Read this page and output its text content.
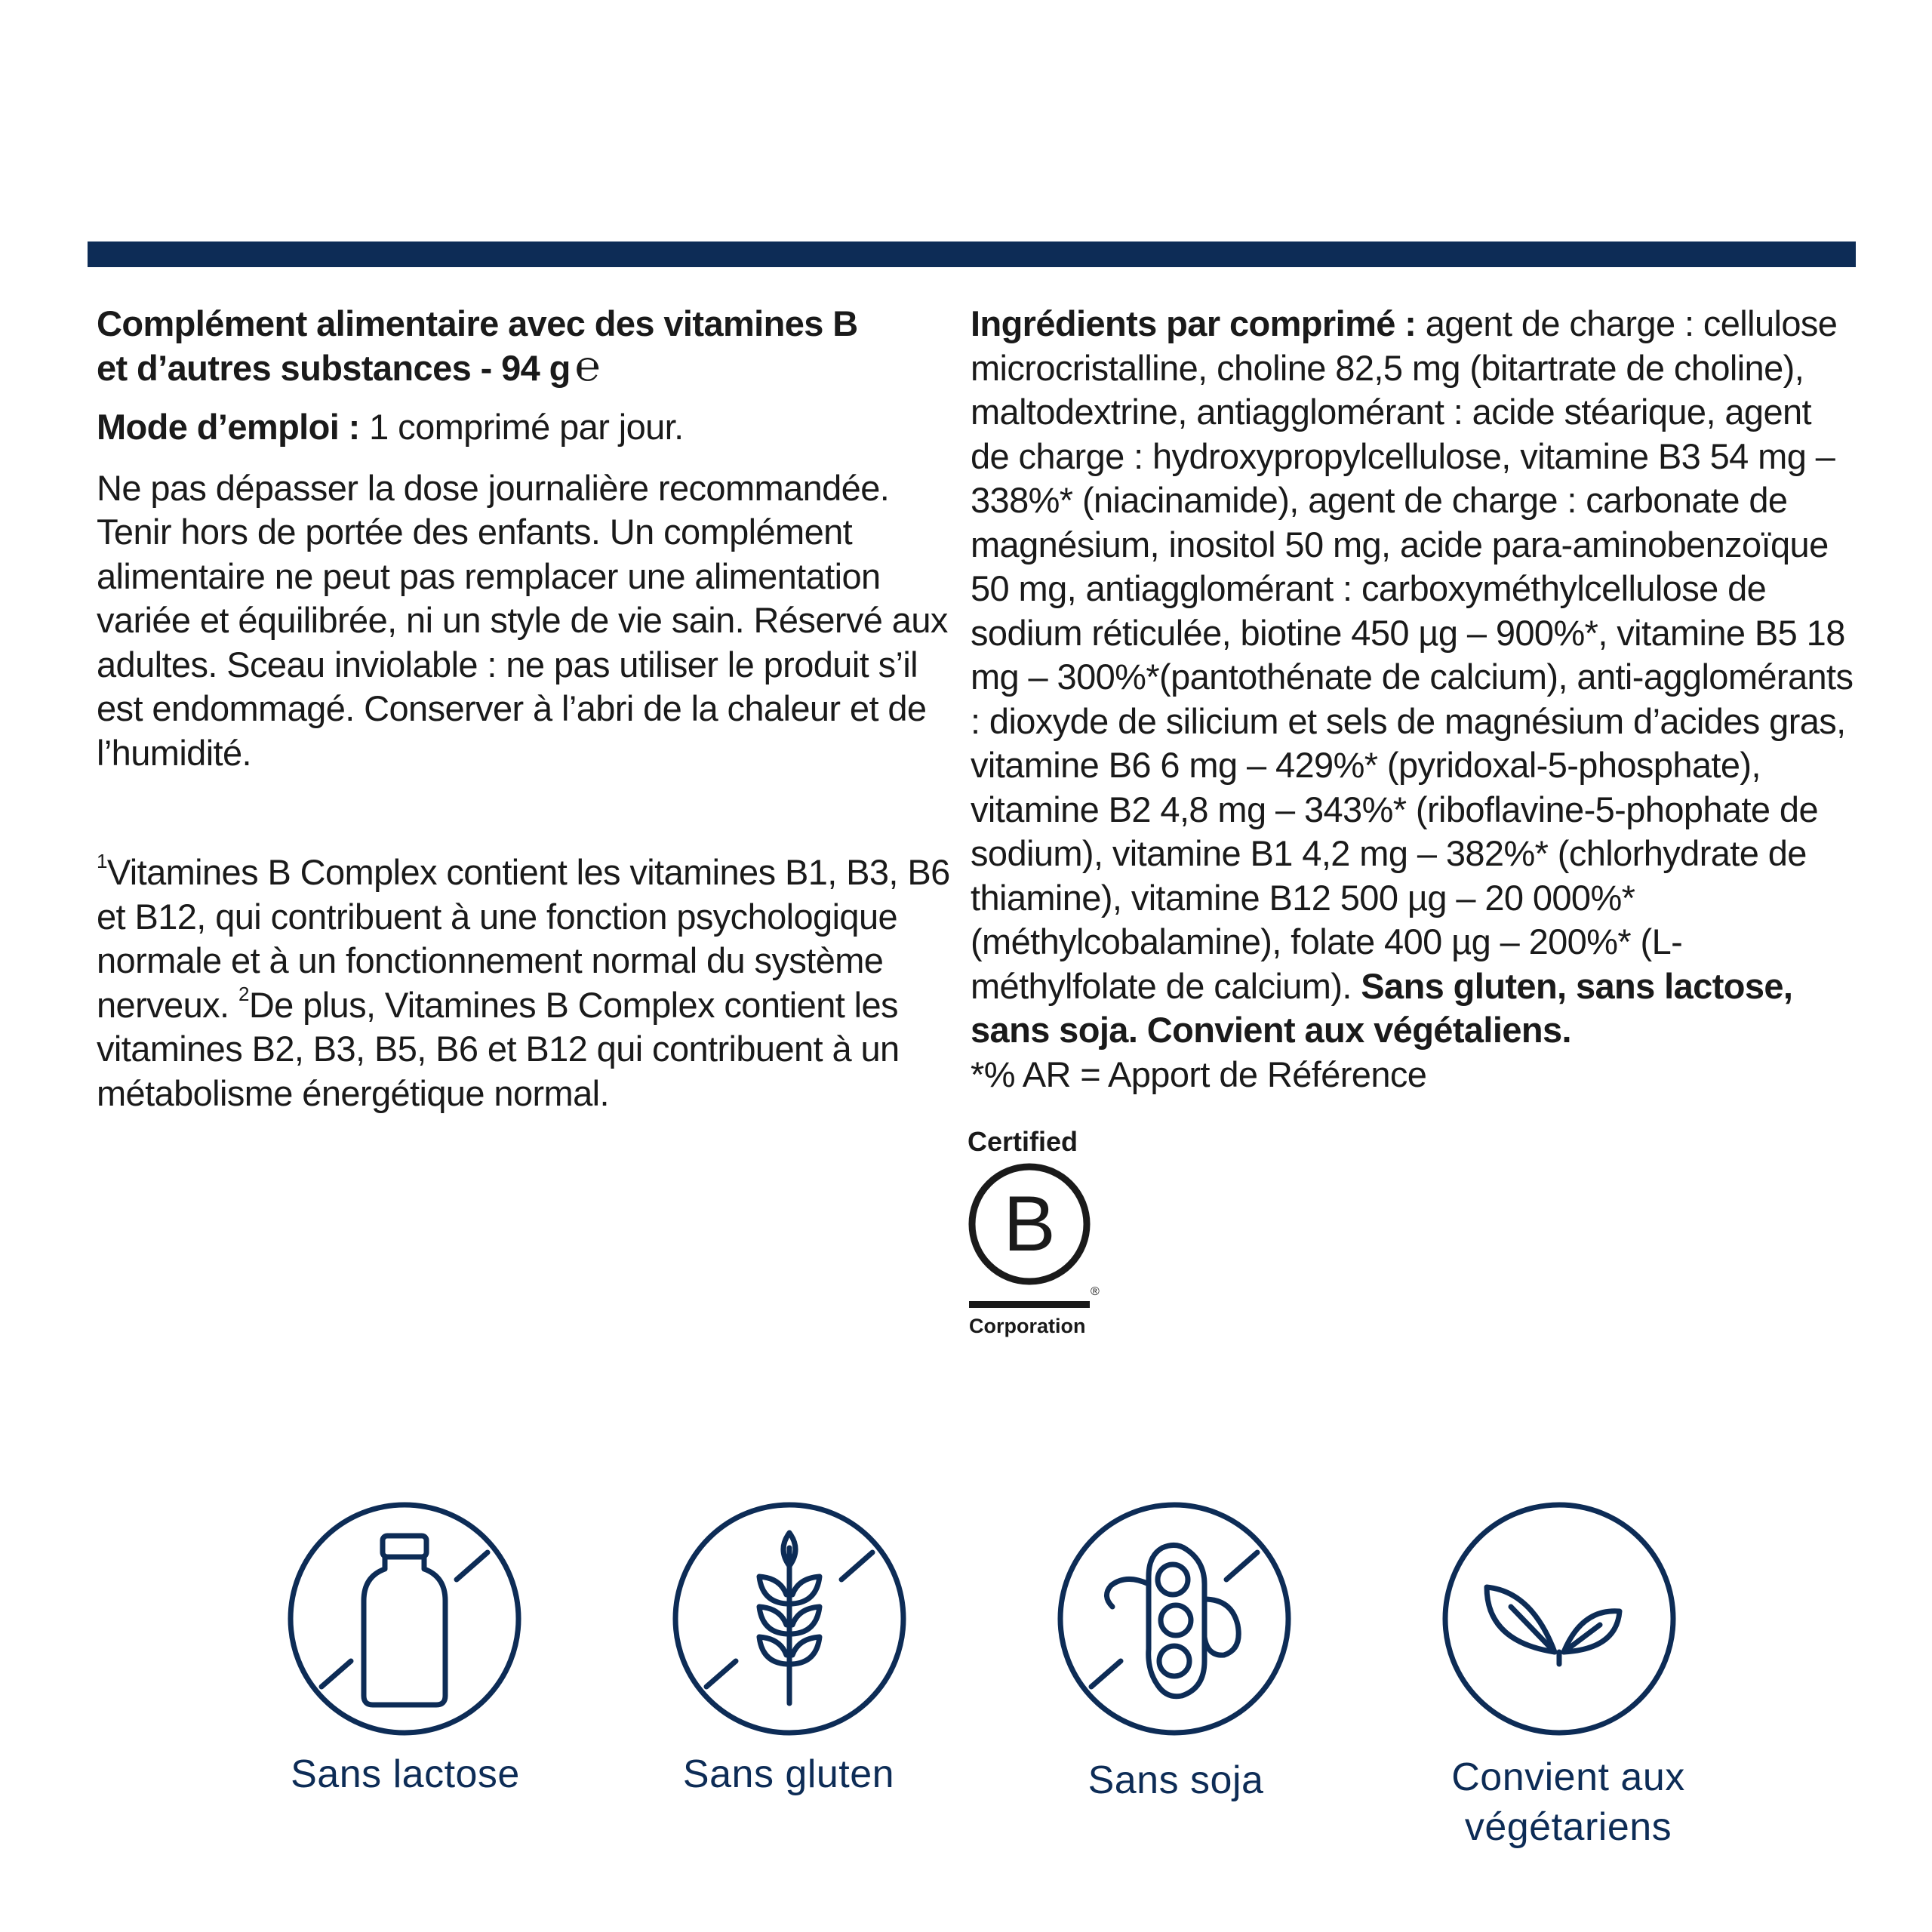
Complément alimentaire avec des vitamines B
et d’autres substances - 94 g ℮

Mode d’emploi : 1 comprimé par jour.

Ne pas dépasser la dose journalière recommandée. Tenir hors de portée des enfants. Un complément alimentaire ne peut pas remplacer une alimentation variée et équilibrée, ni un style de vie sain. Réservé aux adultes. Sceau inviolable : ne pas utiliser le produit s’il est endommagé. Conserver à l’abri de la chaleur et de l’humidité.

$^1$Vitamines B Complex contient les vitamines B1, B3, B6 et B12, qui contribuent à une fonction psychologique normale et à un fonctionnement normal du système nerveux. $^2$De plus, Vitamines B Complex contient les vitamines B2, B3, B5, B6 et B12 qui contribuent à un métabolisme énergétique normal.

Ingrédients par comprimé : agent de charge : cellulose microcristalline, choline 82,5 mg (bitartrate de choline), maltodextrine, antiagglomérant : acide stéarique, agent de charge : hydroxypropylcellulose, vitamine B3 54 mg – 338%* (niacinamide), agent de charge : carbonate de magnésium, inositol 50 mg, acide para-aminobenzoïque 50 mg, antiagglomérant : carboxyméthylcellulose de sodium réticulée, biotine 450 µg – 900%*, vitamine B5 18 mg – 300%*(pantothénate de calcium), anti-agglomérants : dioxyde de silicium et sels de magnésium d’acides gras, vitamine B6 6 mg – 429%* (pyridoxal-5-phosphate), vitamine B2 4,8 mg – 343%* (riboflavine-5-phophate de sodium), vitamine B1 4,2 mg – 382%* (chlorhydrate de thiamine), vitamine B12 500 µg – 20 000%* (méthylcobalamine), folate 400 µg – 200%* (L-méthylfolate de calcium). Sans gluten, sans lactose, sans soja. Convient aux végétaliens.
*% AR = Apport de Référence

Certified
B
®
Corporation
Sans lactose	Sans gluten	Sans soja	Convient aux
végétariens
